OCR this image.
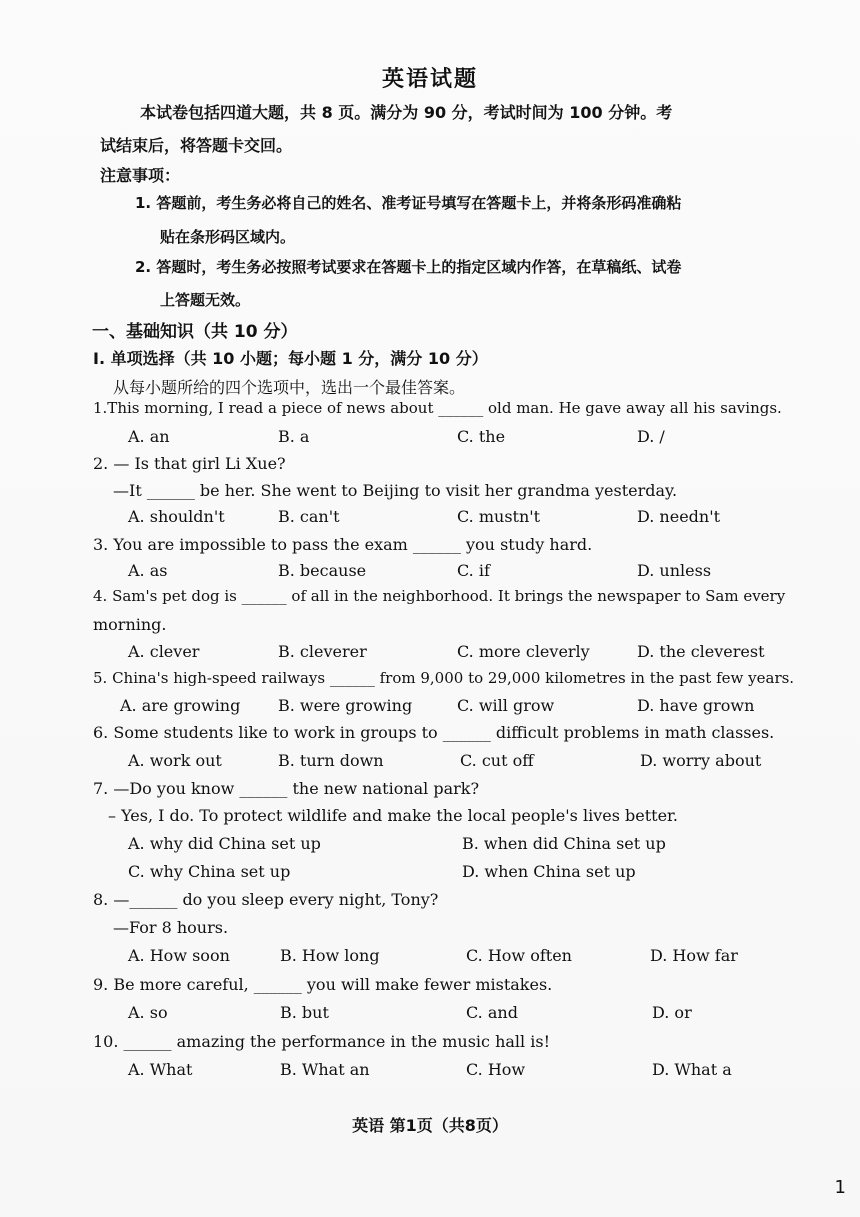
英语试题
本试卷包括四道大题，共 8 页。满分为 90 分，考试时间为 100 分钟。考
试结束后，将答题卡交回。
注意事项：
1. 答题前，考生务必将自己的姓名、准考证号填写在答题卡上，并将条形码准确粘
贴在条形码区域内。
2. 答题时，考生务必按照考试要求在答题卡上的指定区域内作答，在草稿纸、试卷
上答题无效。
一、基础知识（共 10 分）
I. 单项选择（共 10 小题；每小题 1 分，满分 10 分）
从每小题所给的四个选项中，选出一个最佳答案。
1.This morning, I read a piece of news about ______ old man. He gave away all his savings.
A. an	B. a	C. the	D. /
2. — Is that girl Li Xue?
—It ______ be her. She went to Beijing to visit her grandma yesterday.
A. shouldn't	B. can't	C. mustn't	D. needn't
3. You are impossible to pass the exam ______ you study hard.
A. as	B. because	C. if	D. unless
4. Sam's pet dog is ______ of all in the neighborhood. It brings the newspaper to Sam every
morning.
A. clever	B. cleverer	C. more cleverly	D. the cleverest
5. China's high-speed railways ______ from 9,000 to 29,000 kilometres in the past few years.
A. are growing B. were growing	C. will grow	D. have grown
6. Some students like to work in groups to ______ difficult problems in math classes.
A. work out	B. turn down	C. cut off	D. worry about
7. —Do you know ______ the new national park?
– Yes, I do. To protect wildlife and make the local people's lives better.
A. why did China set up	B. when did China set up
C. why China set up	D. when China set up
8. —______ do you sleep every night, Tony?
—For 8 hours.
A. How soon	B. How long	C. How often	D. How far
9. Be more careful, ______ you will make fewer mistakes.
A. so	B. but	C. and	D. or
10. ______ amazing the performance in the music hall is!
A. What	B. What an	C. How	D. What a
英语 第1页（共8页）
1
